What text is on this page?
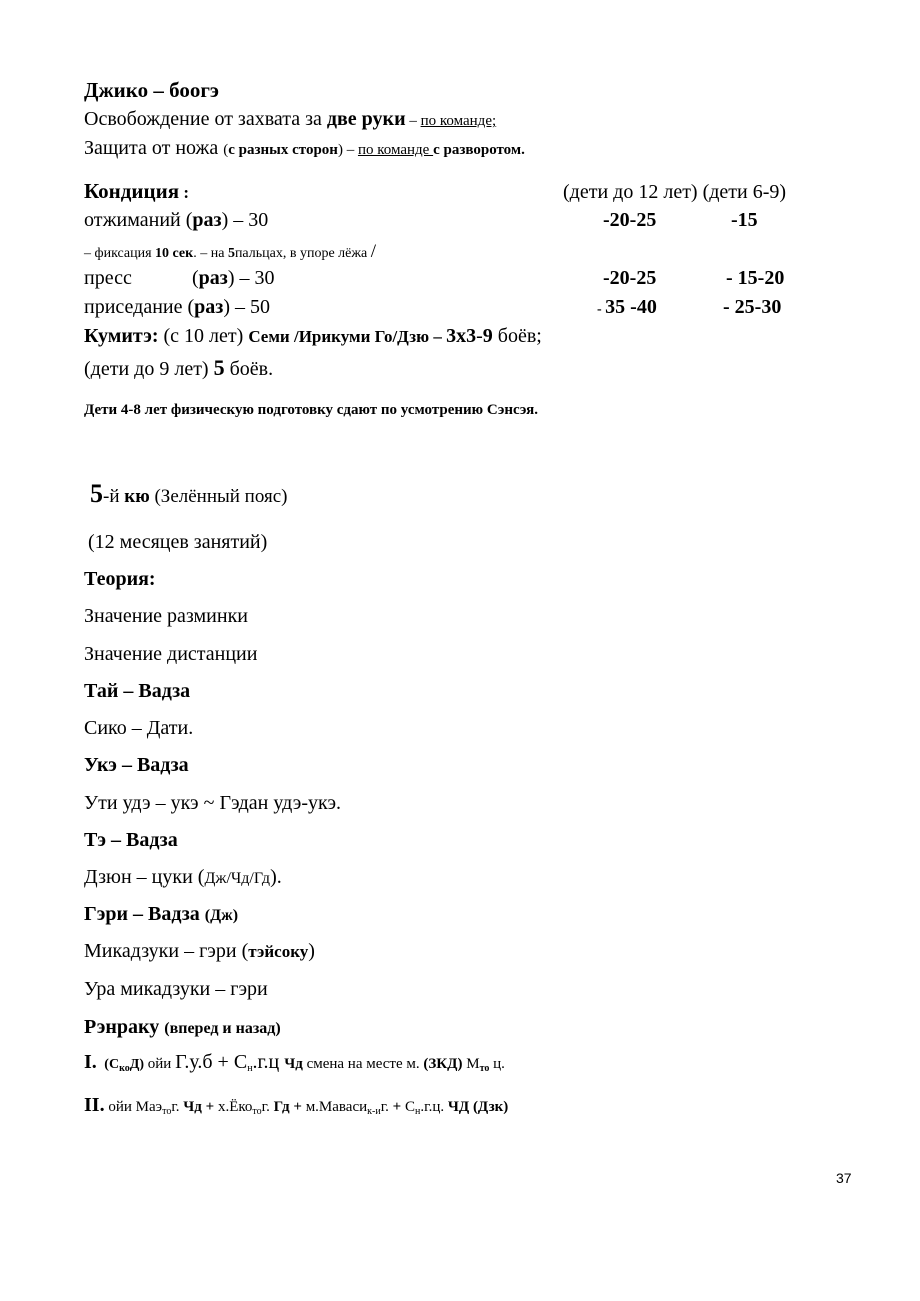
Джико – боогэ
Освобождение от захвата за две руки – по команде;
Защита от ножа (с разных сторон) – по команде с разворотом.
Кондиция :	(дети до 12 лет) (дети 6-9)
отжиманий (раз) – 30	-20-25	-15
– фиксация 10 сек. – на 5пальцах, в упоре лёжа /
пресс	(раз) – 30	-20-25	- 15-20
приседание (раз) – 50	- 35 -40	- 25-30
Кумитэ: (с 10 лет) Семи /Ирикуми Го/Дзю – 3х3-9 боёв;
(дети до 9 лет) 5 боёв.
Дети 4-8 лет физическую подготовку сдают по усмотрению Сэнсэя.
5-й кю (Зелённый пояс)
(12 месяцев занятий)
Теория:
Значение разминки
Значение дистанции
Тай – Вадза
Сико – Дати.
Укэ – Вадза
Ути удэ – укэ ~ Гэдан удэ-укэ.
Тэ – Вадза
Дзюн – цуки (Дж/Чд/Гд).
Гэри – Вадза (Дж)
Микадзуки – гэри (тэйсоку)
Ура микадзуки – гэри
Рэнраку (вперед и назад)
I. $(С_{ко}Д)$ ойи $Г.у.б + С_н.г.ц$ Чд смена на месте м. (ЗКД) $М_{то}$ ц.
II. ойи Маэ$_{то}$г. Чд + х.Ёко$_{то}$г. Гд + м.Маваси$_{к-и}$г. + $С_н.г.ц$. ЧД (Дзк)
37
